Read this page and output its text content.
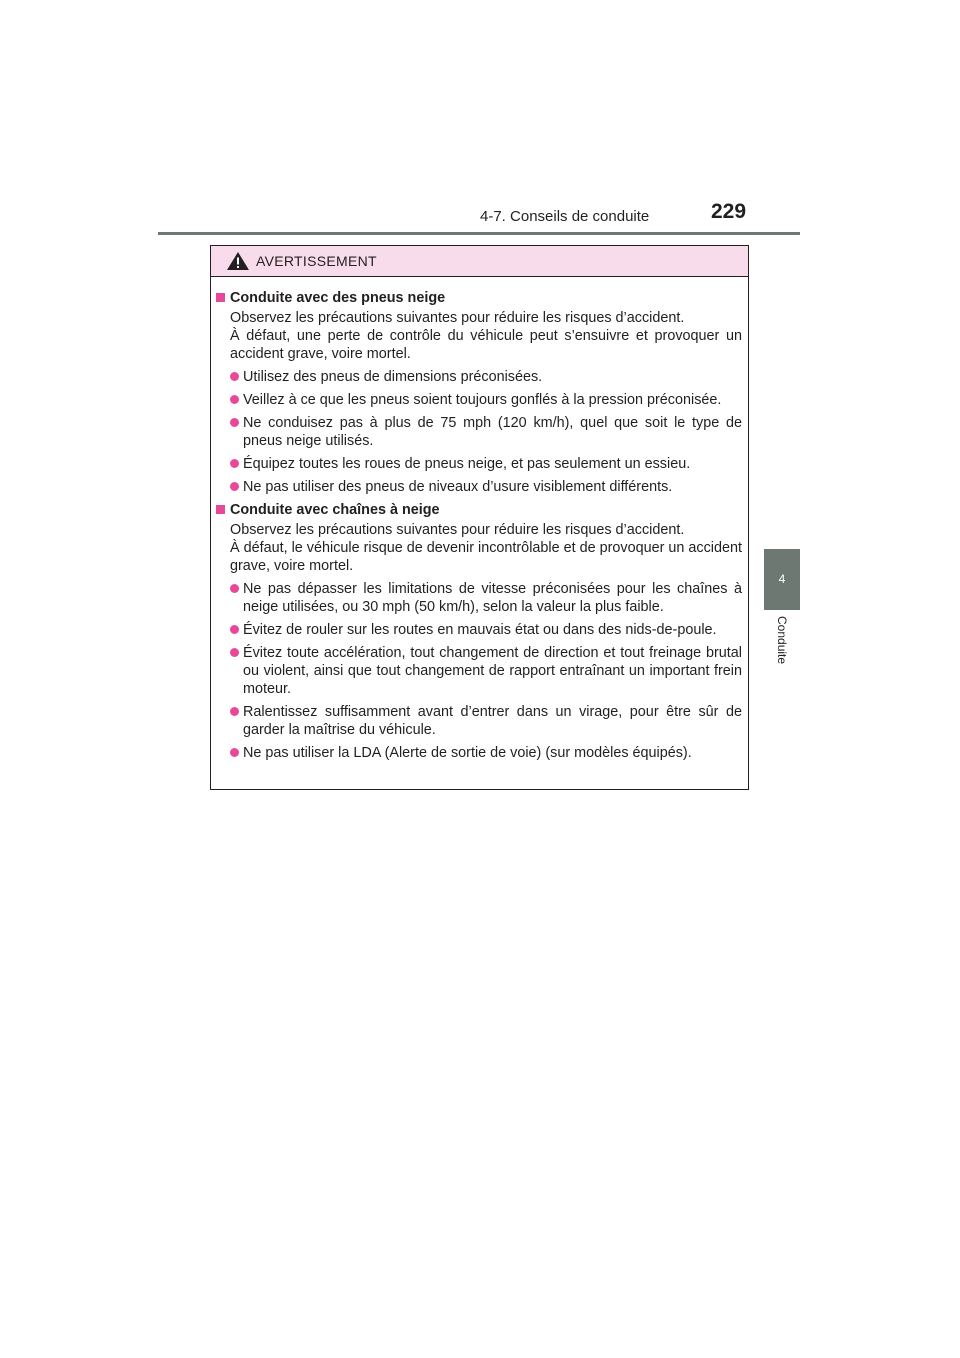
4-7. Conseils de conduite	229
4
Conduite
AVERTISSEMENT
Conduite avec des pneus neige

Observez les précautions suivantes pour réduire les risques d’accident.

À défaut, une perte de contrôle du véhicule peut s’ensuivre et provoquer un accident grave, voire mortel.

Utilisez des pneus de dimensions préconisées.
Veillez à ce que les pneus soient toujours gonflés à la pression préconisée.
Ne conduisez pas à plus de 75 mph (120 km/h), quel que soit le type de pneus neige utilisés.
Équipez toutes les roues de pneus neige, et pas seulement un essieu.
Ne pas utiliser des pneus de niveaux d’usure visiblement différents.
Conduite avec chaînes à neige

Observez les précautions suivantes pour réduire les risques d’accident.

À défaut, le véhicule risque de devenir incontrôlable et de provoquer un accident grave, voire mortel.

Ne pas dépasser les limitations de vitesse préconisées pour les chaînes à neige utilisées, ou 30 mph (50 km/h), selon la valeur la plus faible.
Évitez de rouler sur les routes en mauvais état ou dans des nids-de-poule.
Évitez toute accélération, tout changement de direction et tout freinage brutal ou violent, ainsi que tout changement de rapport entraînant un important frein moteur.
Ralentissez suffisamment avant d’entrer dans un virage, pour être sûr de garder la maîtrise du véhicule.
Ne pas utiliser la LDA (Alerte de sortie de voie) (sur modèles équipés).
